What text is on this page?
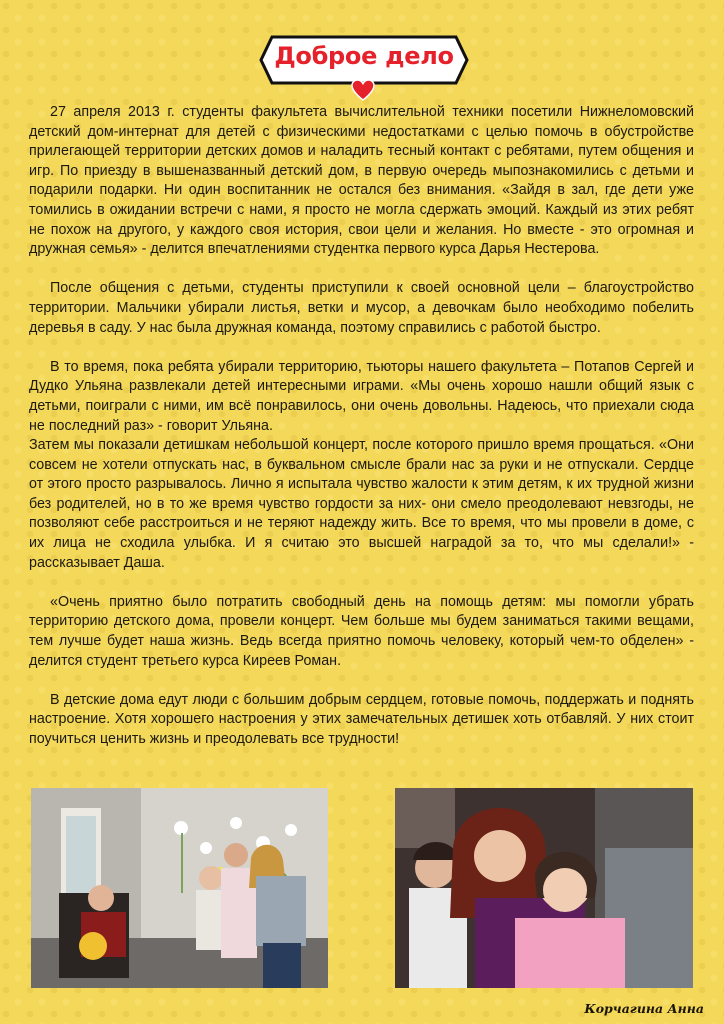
Доброе дело

27 апреля 2013 г. студенты факультета вычислительной техники посетили Нижнеломовский детский дом-интернат для детей с физическими недостатками с целью помочь в обустройстве прилегающей территории детских домов и наладить тесный контакт с ребятами, путем общения и игр. По приезду в вышеназванный детский дом, в первую очередь мыпознакомились с детьми и подарили подарки. Ни один воспитанник не остался без внимания. «Зайдя в зал, где дети уже томились в ожидании встречи с нами, я просто не могла сдержать эмоций. Каждый из этих ребят не похож на другого, у каждого своя история, свои цели и желания. Но вместе - это огромная и дружная семья» - делится впечатлениями студентка первого курса Дарья Нестерова.

После общения с детьми, студенты приступили к своей основной цели – благоустройство территории. Мальчики убирали листья, ветки и мусор, а девочкам было необходимо побелить деревья в саду. У нас была дружная команда, поэтому справились с работой быстро.

В то время, пока ребята убирали территорию, тьюторы нашего факультета – Потапов Сергей и Дудко Ульяна развлекали детей интересными играми. «Мы очень хорошо нашли общий язык с детьми, поиграли с ними, им всё понравилось, они очень довольны. Надеюсь, что приехали сюда не последний раз» - говорит Ульяна.

Затем мы показали детишкам небольшой концерт, после которого пришло время прощаться. «Они совсем не хотели отпускать нас, в буквальном смысле брали нас за руки и не отпускали. Сердце от этого просто разрывалось. Лично я испытала чувство жалости к этим детям, к их трудной жизни без родителей, но в то же время чувство гордости за них- они смело преодолевают невзгоды, не позволяют себе расстроиться и не теряют надежду жить. Все то время, что мы провели в доме, с их лица не сходила улыбка. И я считаю это высшей наградой за то, что мы сделали!» - рассказывает Даша.

«Очень приятно было потратить свободный день на помощь детям: мы помогли убрать территорию детского дома, провели концерт. Чем больше мы будем заниматься такими вещами, тем лучше будет наша жизнь. Ведь всегда приятно помочь человеку, который чем-то обделен» - делится студент третьего курса Киреев Роман.

В детские дома едут люди с большим добрым сердцем, готовые помочь, поддержать и поднять настроение. Хотя хорошего настроения у этих замечательных детишек хоть отбавляй. У них стоит поучиться ценить жизнь и преодолевать все трудности!

Корчагина Анна
